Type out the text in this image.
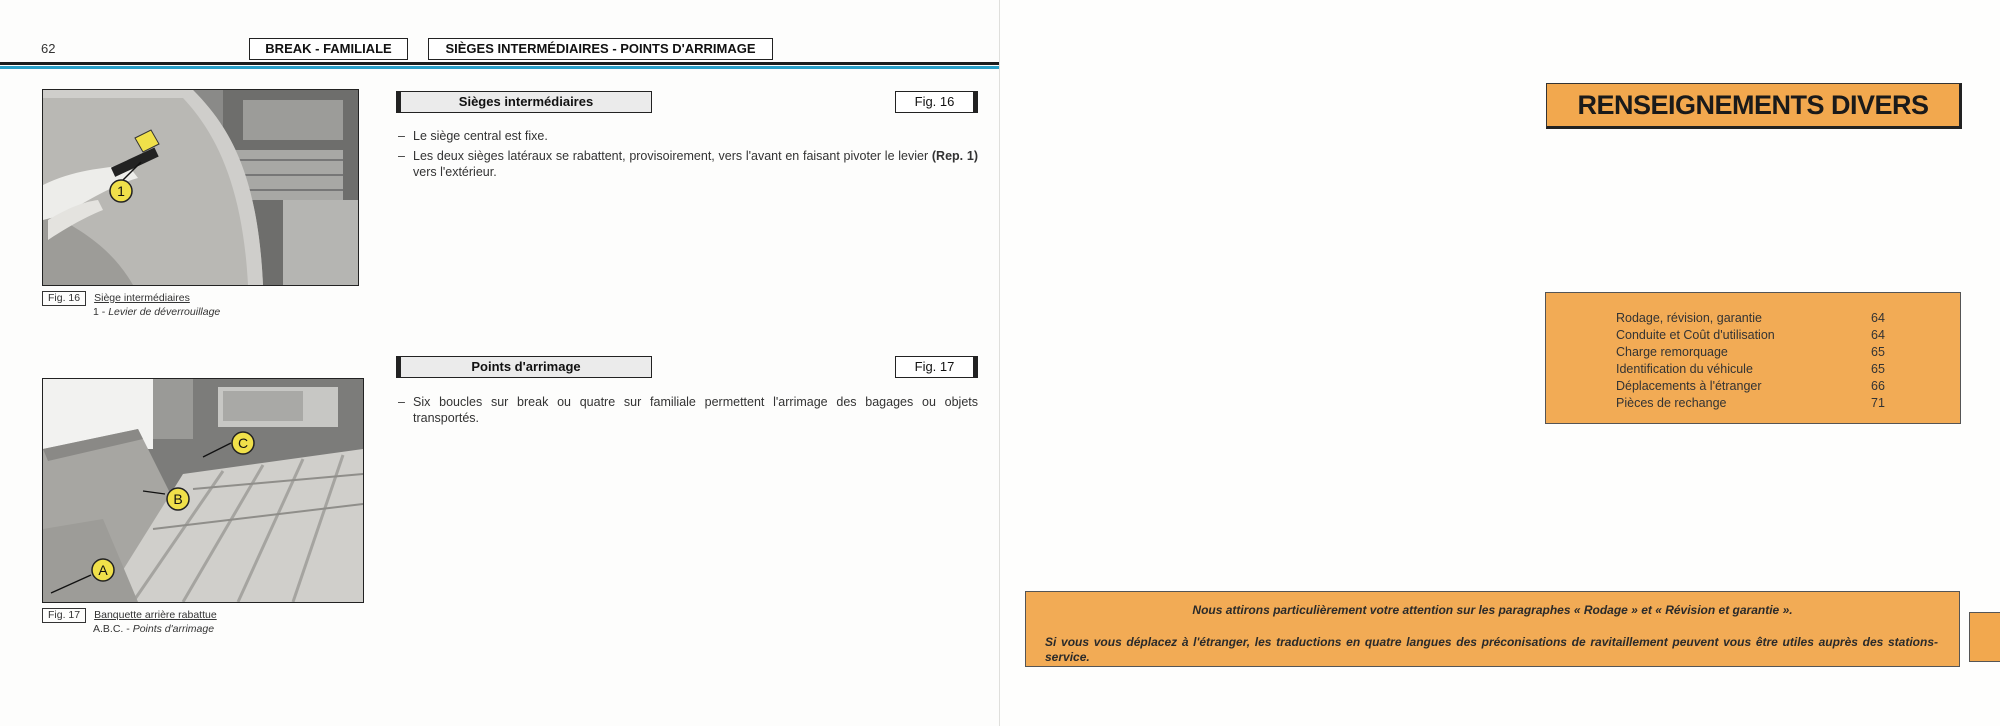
62	BREAK - FAMILIALE	SIÈGES INTERMÉDIAIRES - POINTS D'ARRIMAGE
1
Fig. 16 Siège intermédiaires
1 - Levier de déverrouillage
C
B
A
Fig. 17 Banquette arrière rabattue
A.B.C. - Points d'arrimage
Sièges intermédiaires	Fig. 16
– Le siège central est fixe.
– Les deux sièges latéraux se rabattent, provisoirement, vers l'avant en faisant pivoter le levier (Rep. 1) vers l'extérieur.
Points d'arrimage	Fig. 17
– Six boucles sur break ou quatre sur familiale permettent l'arrimage des bagages ou objets transportés.
RENSEIGNEMENTS DIVERS
Rodage, révision, garantie	64
Conduite et Coût d'utilisation	64
Charge remorquage	65
Identification du véhicule	65
Déplacements à l'étranger	66
Pièces de rechange	71
Nous attirons particulièrement votre attention sur les paragraphes « Rodage » et « Révision et garantie ».
Si vous vous déplacez à l'étranger, les traductions en quatre langues des préconisations de ravitaillement peuvent vous être utiles auprès des stations-service.
